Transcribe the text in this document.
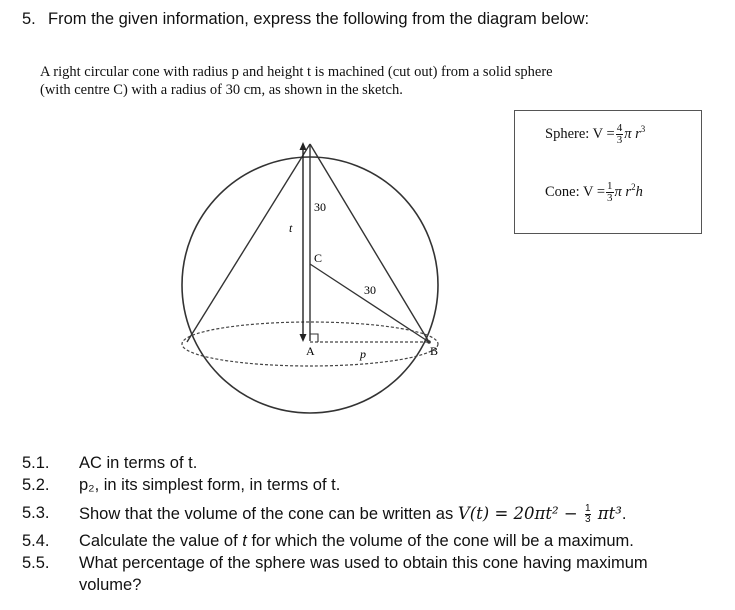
5. From the given information, express the following from the diagram below:
A right circular cone with radius p and height t is machined (cut out) from a solid sphere
(with centre C) with a radius of 30 cm, as shown in the sketch.
Sphere: $V = \frac{4}{3}$ π $r^3$
Cone: $V = \frac{1}{3}$ π $r^2h$
30
t
C
30
A	p	B
5.1.	AC in terms of t.
5.2.	p₂, in its simplest form, in terms of t.
5.3.	Show that the volume of the cone can be written as $V(t) = 20\pi t^2 - \frac{1}{3} \pi t^3$.
5.4.	Calculate the value of t for which the volume of the cone will be a maximum.
5.5.	What percentage of the sphere was used to obtain this cone having maximum
volume?
